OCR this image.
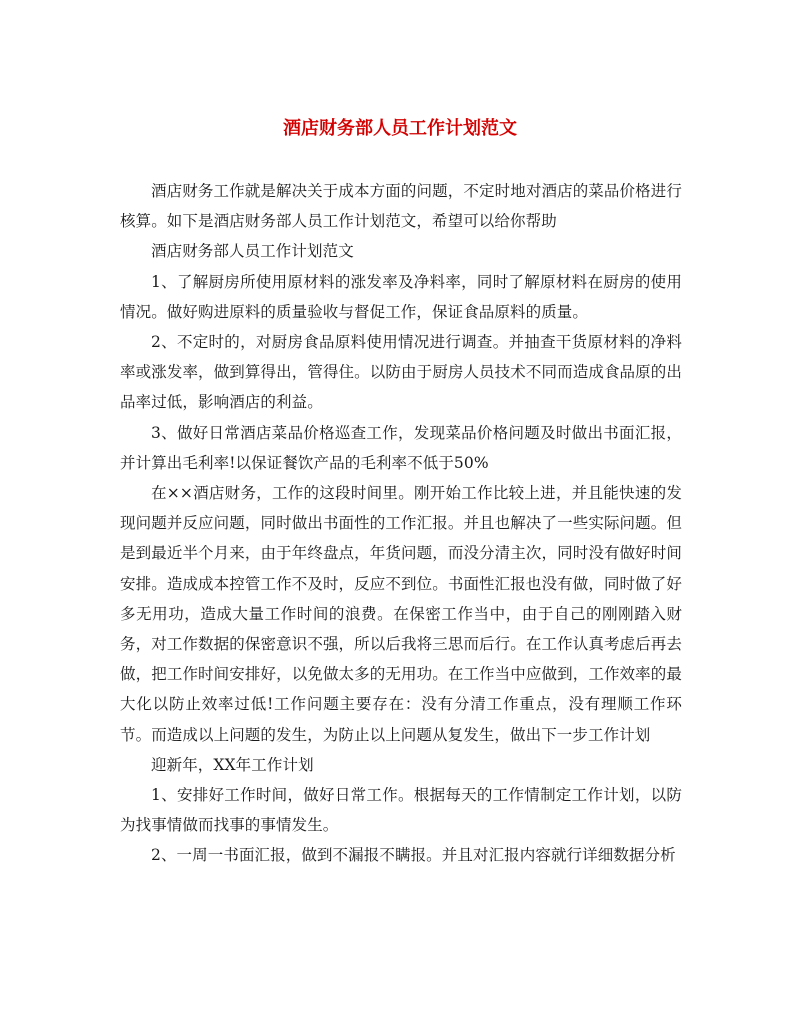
酒店财务部人员工作计划范文

酒店财务工作就是解决关于成本方面的问题，不定时地对酒店的菜品价格进行核算。如下是酒店财务部人员工作计划范文，希望可以给你帮助

酒店财务部人员工作计划范文

1、了解厨房所使用原材料的涨发率及净料率，同时了解原材料在厨房的使用情况。做好购进原料的质量验收与督促工作，保证食品原料的质量。

2、不定时的，对厨房食品原料使用情况进行调查。并抽查干货原材料的净料率或涨发率，做到算得出，管得住。以防由于厨房人员技术不同而造成食品原的出品率过低，影响酒店的利益。

3、做好日常酒店菜品价格巡查工作，发现菜品价格问题及时做出书面汇报，并计算出毛利率!以保证餐饮产品的毛利率不低于50%

在××酒店财务，工作的这段时间里。刚开始工作比较上进，并且能快速的发现问题并反应问题，同时做出书面性的工作汇报。并且也解决了一些实际问题。但是到最近半个月来，由于年终盘点，年货问题，而没分清主次，同时没有做好时间安排。造成成本控管工作不及时，反应不到位。书面性汇报也没有做，同时做了好多无用功，造成大量工作时间的浪费。在保密工作当中，由于自己的刚刚踏入财务，对工作数据的保密意识不强，所以后我将三思而后行。在工作认真考虑后再去做，把工作时间安排好，以免做太多的无用功。在工作当中应做到，工作效率的最大化以防止效率过低!工作问题主要存在：没有分清工作重点，没有理顺工作环节。而造成以上问题的发生，为防止以上问题从复发生，做出下一步工作计划

迎新年，XX年工作计划

1、安排好工作时间，做好日常工作。根据每天的工作情制定工作计划，以防为找事情做而找事的事情发生。

2、一周一书面汇报，做到不漏报不瞒报。并且对汇报内容就行详细数据分析
